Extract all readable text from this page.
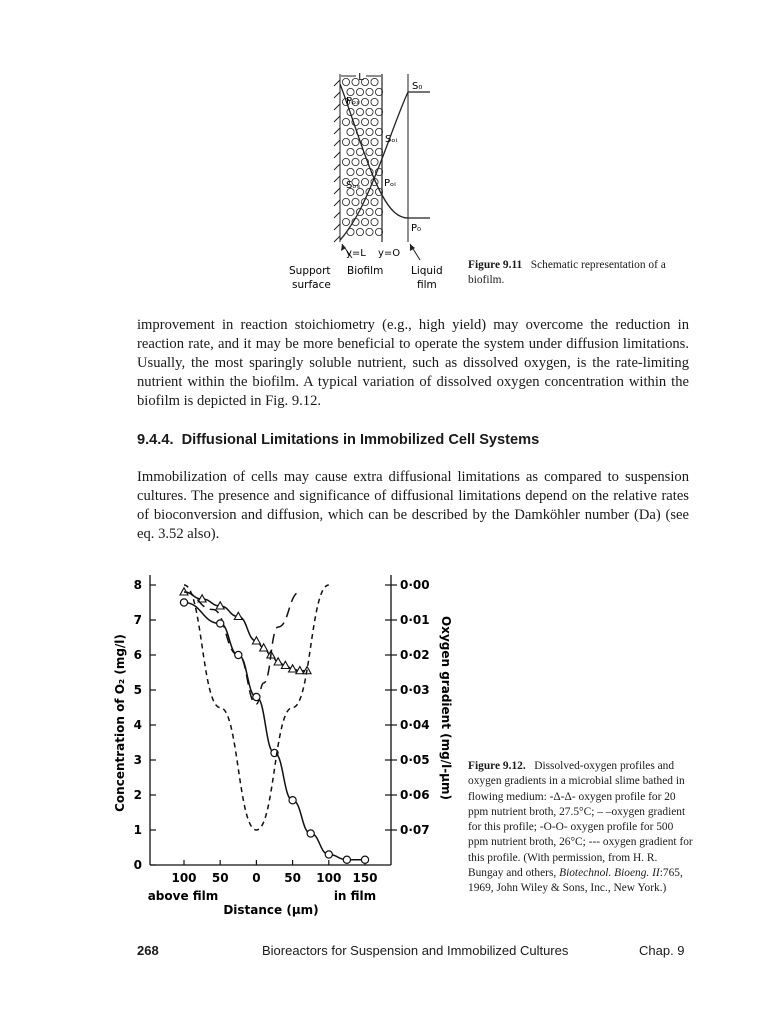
L
S₀
Pₒₛ
Sₒᵢ
Sₒₛ Pₒᵢ
P₀
y=L y=O
Support
surface
Biofilm	Liquid
film
Figure 9.11 Schematic representation of a biofilm.
improvement in reaction stoichiometry (e.g., high yield) may overcome the reduction in reaction rate, and it may be more beneficial to operate the system under diffusion limitations. Usually, the most sparingly soluble nutrient, such as dissolved oxygen, is the rate-limiting nutrient within the biofilm. A typical variation of dissolved oxygen concentration within the biofilm is depicted in Fig. 9.12.
9.4.4.  Diffusional Limitations in Immobilized Cell Systems
Immobilization of cells may cause extra diffusional limitations as compared to suspension cultures. The presence and significance of diffusional limitations depend on the relative rates of bioconversion and diffusion, which can be described by the Damköhler number (Da) (see eq. 3.52 also).
0
1
2
3
4
5
6
7
8	0·00
0·01
0·02
0·03
0·04
0·05
0·06
0·07
100 50 0 50 100 150
Distance (μm)
above film	in film
Concentration of O₂ (mg/l)	Oxygen gradient (mg/l-μm) Figure 9.12. Dissolved-oxygen profiles and oxygen gradients in a microbial slime bathed in flowing medium: -Δ-Δ- oxygen profile for 20 ppm nutrient broth, 27.5°C; – –oxygen gradient for this profile; -O-O- oxygen profile for 500 ppm nutrient broth, 26°C; --- oxygen gradient for this profile. (With permission, from H. R. Bungay and others, Biotechnol. Bioeng. II:765, 1969, John Wiley & Sons, Inc., New York.)
268	Bioreactors for Suspension and Immobilized Cultures	Chap. 9
